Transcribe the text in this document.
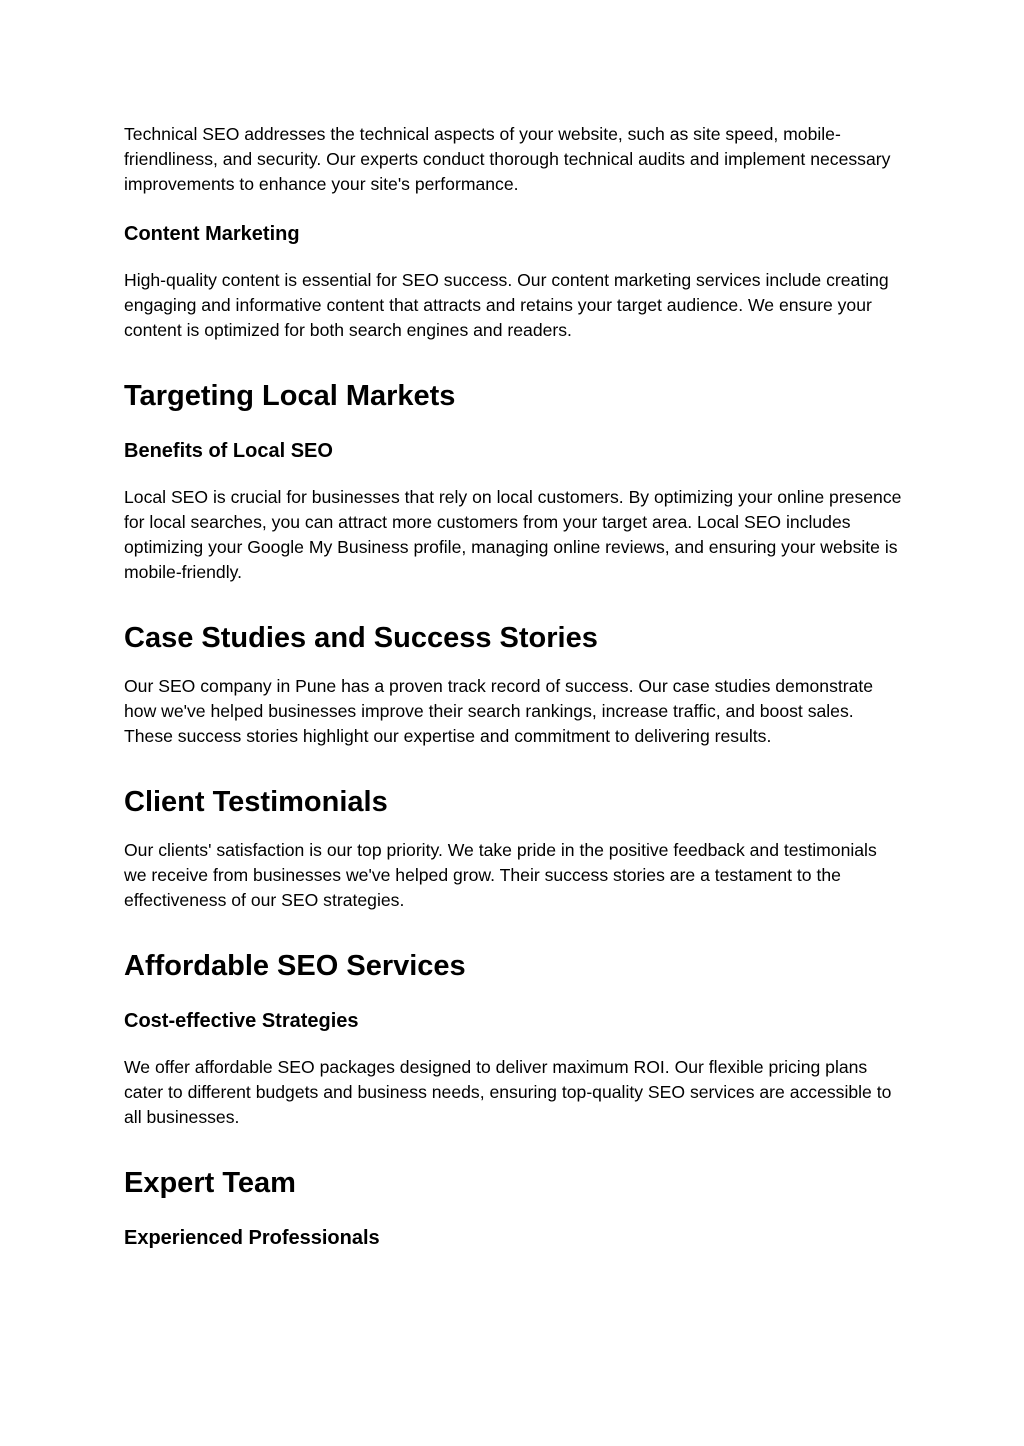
Technical SEO addresses the technical aspects of your website, such as site speed, mobile-friendliness, and security. Our experts conduct thorough technical audits and implement necessary improvements to enhance your site's performance.

Content Marketing

High-quality content is essential for SEO success. Our content marketing services include creating engaging and informative content that attracts and retains your target audience. We ensure your content is optimized for both search engines and readers.

Targeting Local Markets
Benefits of Local SEO

Local SEO is crucial for businesses that rely on local customers. By optimizing your online presence for local searches, you can attract more customers from your target area. Local SEO includes optimizing your Google My Business profile, managing online reviews, and ensuring your website is mobile-friendly.

Case Studies and Success Stories

Our SEO company in Pune has a proven track record of success. Our case studies demonstrate how we've helped businesses improve their search rankings, increase traffic, and boost sales. These success stories highlight our expertise and commitment to delivering results.

Client Testimonials

Our clients' satisfaction is our top priority. We take pride in the positive feedback and testimonials we receive from businesses we've helped grow. Their success stories are a testament to the effectiveness of our SEO strategies.

Affordable SEO Services
Cost-effective Strategies

We offer affordable SEO packages designed to deliver maximum ROI. Our flexible pricing plans cater to different budgets and business needs, ensuring top-quality SEO services are accessible to all businesses.

Expert Team
Experienced Professionals
